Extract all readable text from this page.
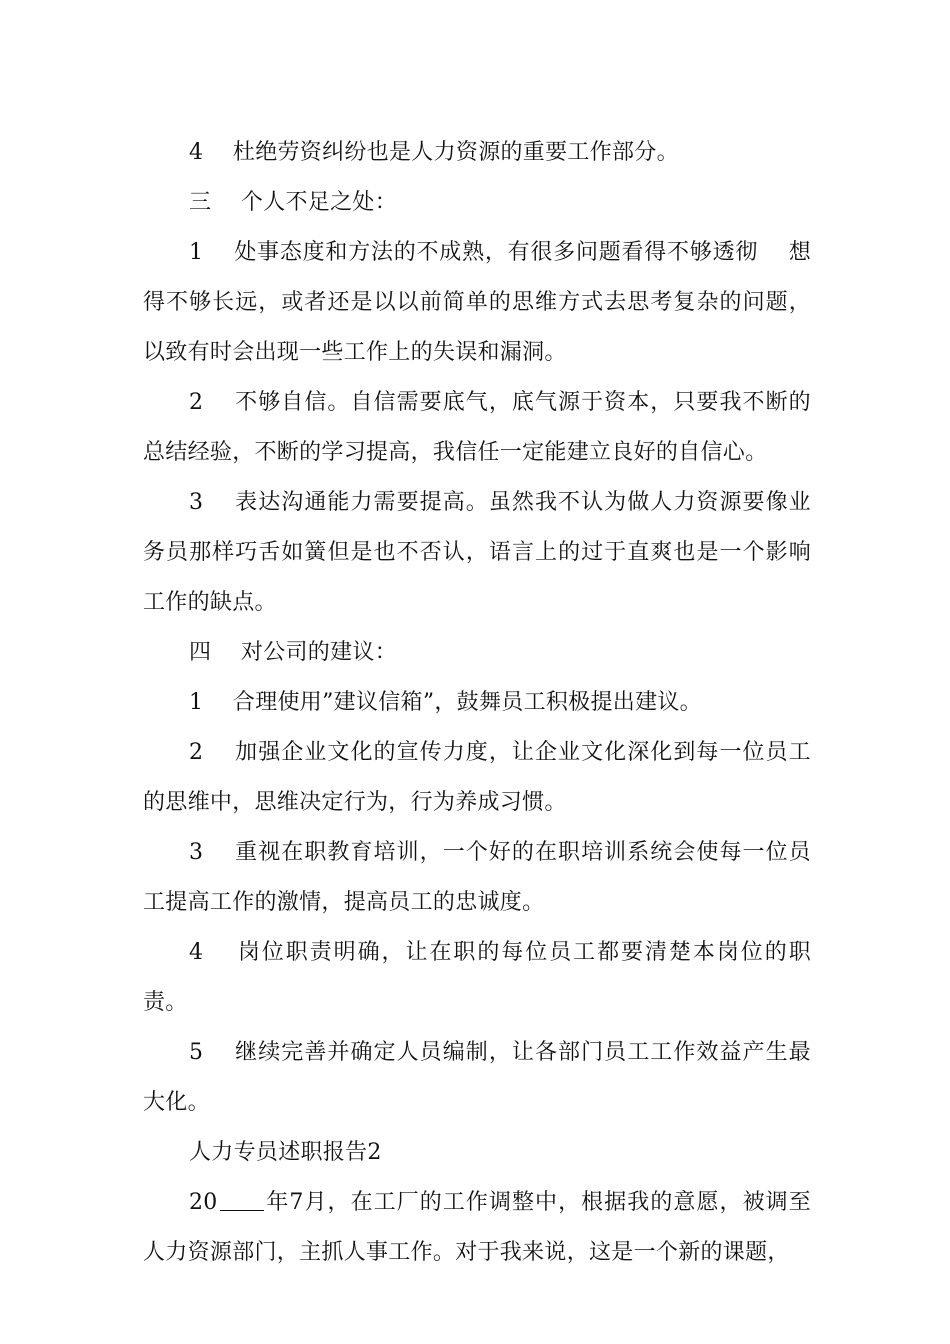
4　 杜绝劳资纠纷也是人力资源的重要工作部分。

三　 个人不足之处：

1　 处事态度和方法的不成熟，有很多问题看得不够透彻　 想得不够长远，或者还是以以前简单的思维方式去思考复杂的问题，以致有时会出现一些工作上的失误和漏洞。

2　 不够自信。自信需要底气，底气源于资本，只要我不断的总结经验，不断的学习提高，我信任一定能建立良好的自信心。

3　 表达沟通能力需要提高。虽然我不认为做人力资源要像业务员那样巧舌如簧但是也不否认，语言上的过于直爽也是一个影响工作的缺点。

四　 对公司的建议：

1　 合理使用”建议信箱”，鼓舞员工积极提出建议。

2　 加强企业文化的宣传力度，让企业文化深化到每一位员工的思维中，思维决定行为，行为养成习惯。

3　 重视在职教育培训，一个好的在职培训系统会使每一位员工提高工作的激情，提高员工的忠诚度。

4　 岗位职责明确，让在职的每位员工都要清楚本岗位的职责。

5　 继续完善并确定人员编制，让各部门员工工作效益产生最大化。

人力专员述职报告2

20 年7月，在工厂的工作调整中，根据我的意愿，被调至人力资源部门，主抓人事工作。对于我来说，这是一个新的课题，
